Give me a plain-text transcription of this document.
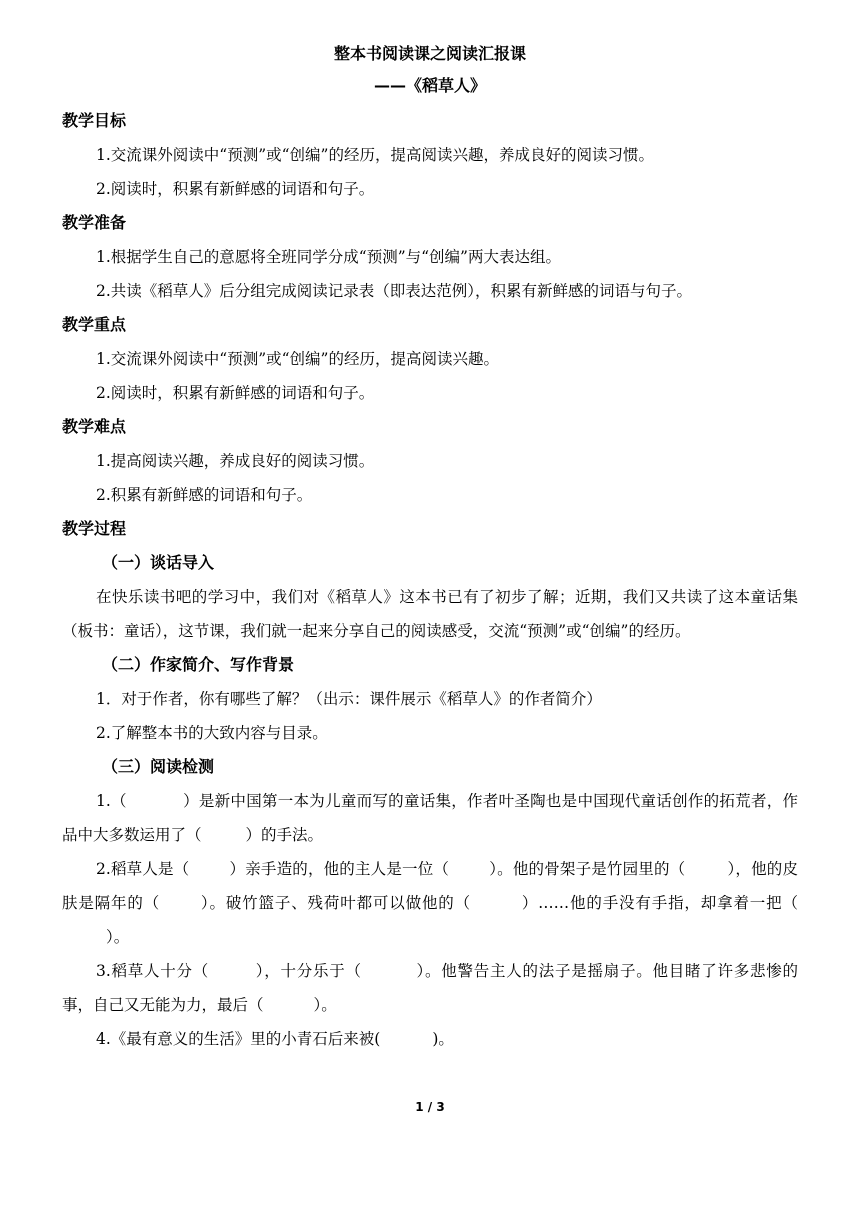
整本书阅读课之阅读汇报课
——《稻草人》
教学目标
1.交流课外阅读中“预测”或“创编”的经历，提高阅读兴趣，养成良好的阅读习惯。
2.阅读时，积累有新鲜感的词语和句子。
教学准备
1.根据学生自己的意愿将全班同学分成“预测”与“创编”两大表达组。
2.共读《稻草人》后分组完成阅读记录表（即表达范例），积累有新鲜感的词语与句子。
教学重点
1.交流课外阅读中“预测”或“创编”的经历，提高阅读兴趣。
2.阅读时，积累有新鲜感的词语和句子。
教学难点
1.提高阅读兴趣，养成良好的阅读习惯。
2.积累有新鲜感的词语和句子。
教学过程
（一）谈话导入
在快乐读书吧的学习中，我们对《稻草人》这本书已有了初步了解；近期，我们又共读了这本童话集（板书：童话），这节课，我们就一起来分享自己的阅读感受，交流“预测”或“创编”的经历。
（二）作家简介、写作背景
1．对于作者，你有哪些了解？（出示：课件展示《稻草人》的作者简介）
2.了解整本书的大致内容与目录。
（三）阅读检测
1.（	）是新中国第一本为儿童而写的童话集，作者叶圣陶也是中国现代童话创作的拓荒者，作品中大多数运用了（	）的手法。
2.稻草人是（	）亲手造的，他的主人是一位（	）。他的骨架子是竹园里的（	），他的皮肤是隔年的（	）。破竹篮子、残荷叶都可以做他的（	）……他的手没有手指，却拿着一把（）。
3.稻草人十分（	），十分乐于（	）。他警告主人的法子是摇扇子。他目睹了许多悲惨的事，自己又无能为力，最后（	）。
4.《最有意义的生活》里的小青石后来被(	)。
1 / 3
